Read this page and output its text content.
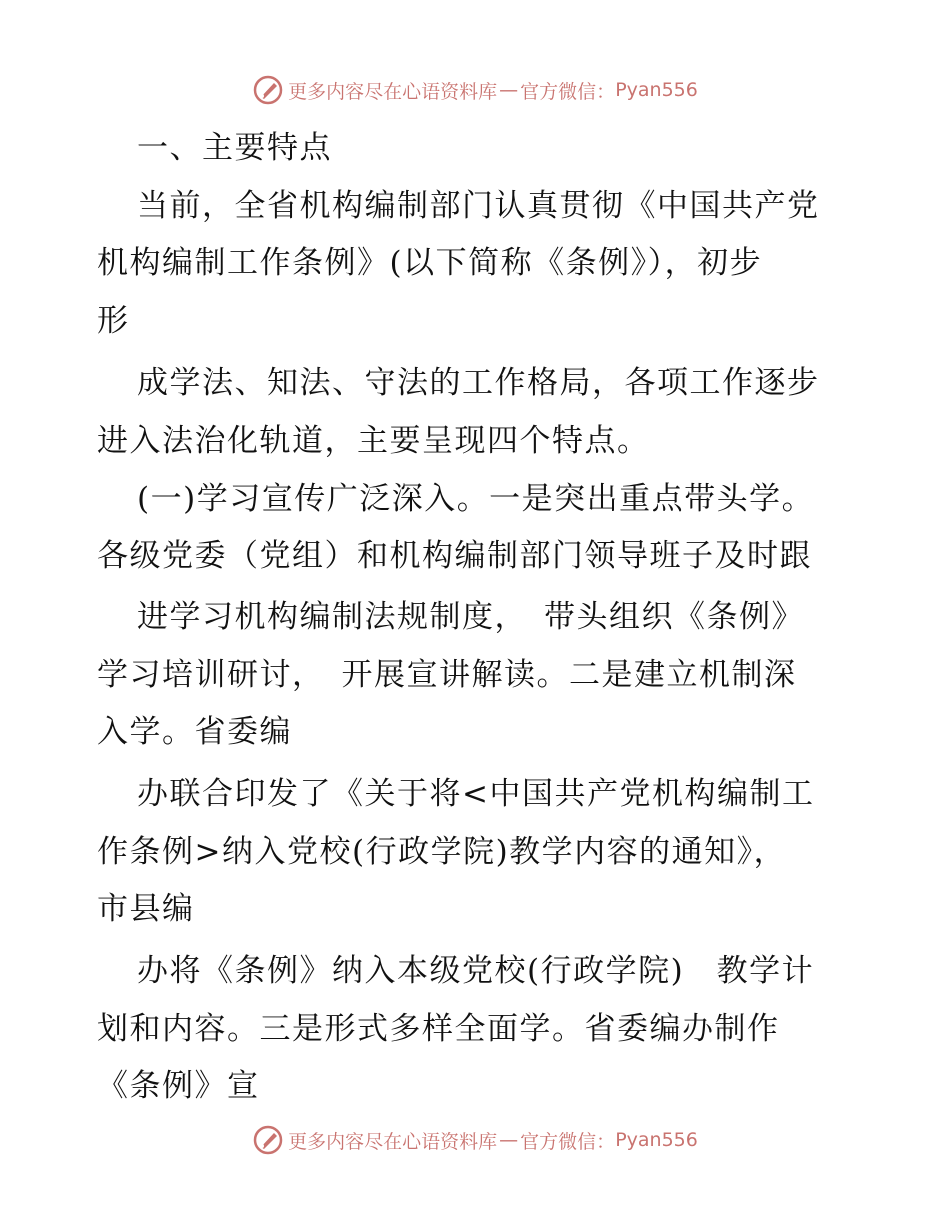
更多内容尽在心语资料库 — 官方微信： Pyan556
一、主要特点
当前，全省机构编制部门认真贯彻《中国共产党
机构编制工作条例》(以下简称《条例》），初步
形
成学法、知法、守法的工作格局，各项工作逐步
进入法治化轨道，主要呈现四个特点。
(一)学习宣传广泛深入。一是突出重点带头学。
各级党委（党组）和机构编制部门领导班子及时跟
进学习机构编制法规制度，　带头组织《条例》
学习培训研讨，　开展宣讲解读。二是建立机制深
入学。省委编
办联合印发了《关于将<中国共产党机构编制工
作条例>纳入党校(行政学院)教学内容的通知》，
市县编
办将《条例》纳入本级党校(行政学院)　教学计
划和内容。三是形式多样全面学。省委编办制作
《条例》宣
更多内容尽在心语资料库 — 官方微信： Pyan556
